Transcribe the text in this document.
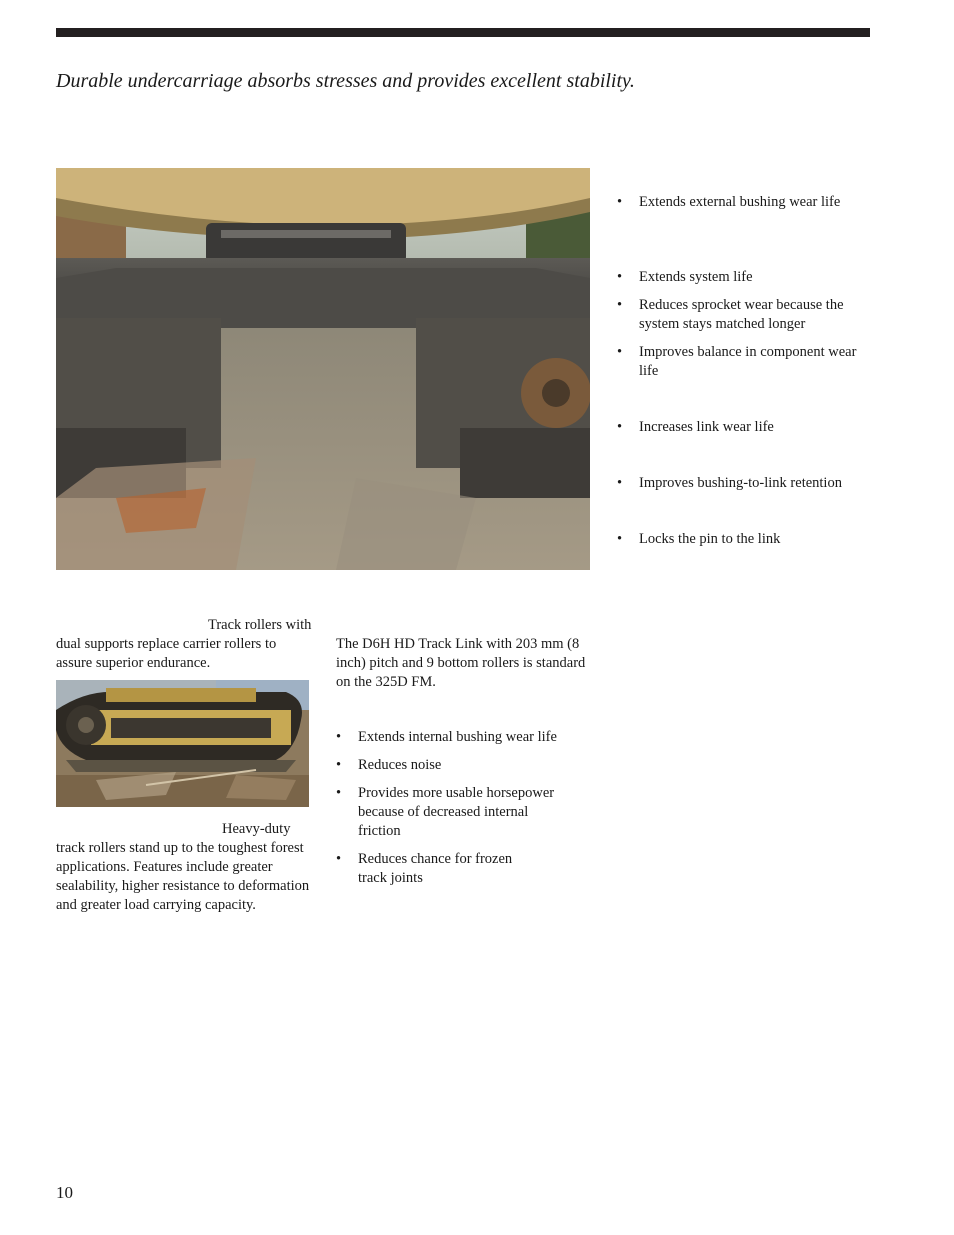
Durable undercarriage absorbs stresses and provides excellent stability.
• Extends external bushing wear life
• Extends system life
• Reduces sprocket wear because the system stays matched longer
• Improves balance in component wear life
• Increases link wear life
• Improves bushing-to-link retention
• Locks the pin to the link

Track rollers with dual supports replace carrier rollers to assure superior endurance.

Heavy-duty track rollers stand up to the toughest forest applications. Features include greater sealability, higher resistance to deformation and greater load carrying capacity.

The D6H HD Track Link with 203 mm (8 inch) pitch and 9 bottom rollers is standard on the 325D FM.

• Extends internal bushing wear life
• Reduces noise
• Provides more usable horsepower because of decreased internal friction
• Reduces chance for frozen track joints
10
